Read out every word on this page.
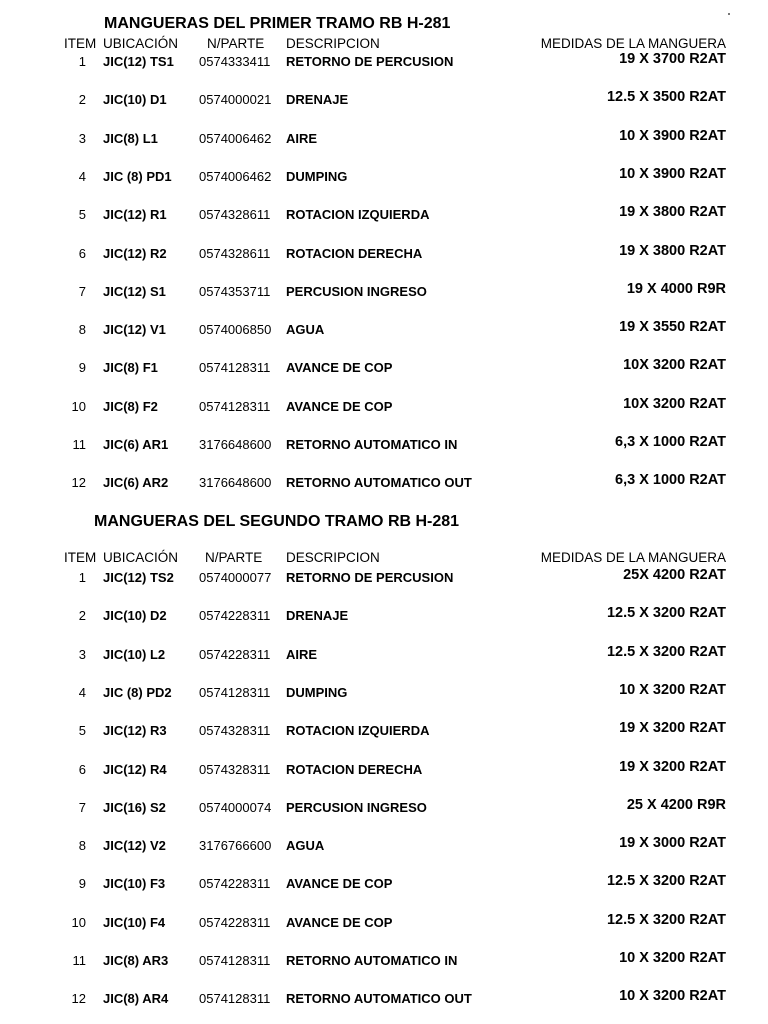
MANGUERAS DEL PRIMER TRAMO RB H-281
ITEM UBICACIÓN N/PARTE DESCRIPCION	MEDIDAS DE LA MANGUERA
1 JIC(12) TS1 0574333411 RETORNO DE PERCUSION	19 X 3700 R2AT
2 JIC(10) D1 0574000021 DRENAJE	12.5 X 3500 R2AT
3 JIC(8) L1	0574006462 AIRE	10 X 3900 R2AT
4 JIC (8) PD1 0574006462 DUMPING	10 X 3900 R2AT
5 JIC(12) R1 0574328611 ROTACION IZQUIERDA	19 X 3800 R2AT
6 JIC(12) R2 0574328611 ROTACION DERECHA	19 X 3800 R2AT
7 JIC(12) S1	0574353711 PERCUSION INGRESO	19 X 4000 R9R
8 JIC(12) V1	0574006850 AGUA	19 X 3550 R2AT
9 JIC(8) F1	0574128311 AVANCE DE COP	10X 3200 R2AT
10 JIC(8) F2	0574128311 AVANCE DE COP	10X 3200 R2AT
11 JIC(6) AR1 3176648600 RETORNO AUTOMATICO IN	6,3 X 1000 R2AT
12 JIC(6) AR2 3176648600 RETORNO AUTOMATICO OUT	6,3 X 1000 R2AT
MANGUERAS DEL SEGUNDO TRAMO RB H-281
ITEM UBICACIÓN N/PARTE DESCRIPCION	MEDIDAS DE LA MANGUERA
1 JIC(12) TS2 0574000077 RETORNO DE PERCUSION	25X 4200 R2AT
2 JIC(10) D2 0574228311 DRENAJE	12.5 X 3200 R2AT
3 JIC(10) L2	0574228311 AIRE	12.5 X 3200 R2AT
4 JIC (8) PD2 0574128311 DUMPING	10 X 3200 R2AT
5 JIC(12) R3 0574328311 ROTACION IZQUIERDA	19 X 3200 R2AT
6 JIC(12) R4 0574328311 ROTACION DERECHA	19 X 3200 R2AT
7 JIC(16) S2	0574000074 PERCUSION INGRESO	25 X 4200 R9R
8 JIC(12) V2	3176766600 AGUA	19 X 3000 R2AT
9 JIC(10) F3	0574228311 AVANCE DE COP	12.5 X 3200 R2AT
10 JIC(10) F4	0574228311 AVANCE DE COP	12.5 X 3200 R2AT
11 JIC(8) AR3 0574128311 RETORNO AUTOMATICO IN	10 X 3200 R2AT
12 JIC(8) AR4 0574128311 RETORNO AUTOMATICO OUT	10 X 3200 R2AT
